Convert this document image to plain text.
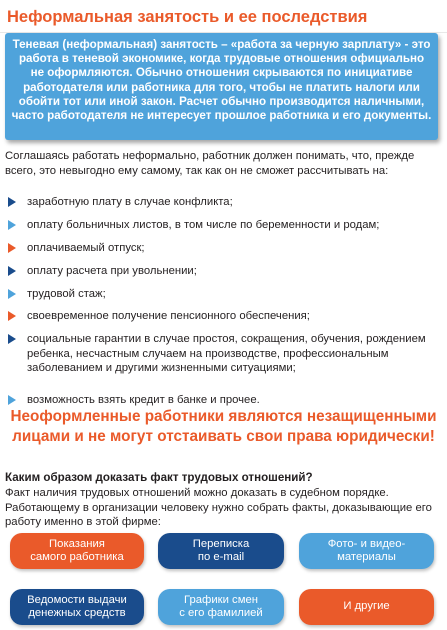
Неформальная занятость и ее последствия
Теневая (неформальная) занятость – «работа за черную зарплату» - это работа в теневой экономике, когда трудовые отношения официально не оформляются. Обычно отношения скрываются по инициативе работодателя или работника для того, чтобы не платить налоги или обойти тот или иной закон. Расчет обычно производится наличными, часто работодателя не интересует прошлое работника и его документы.
Соглашаясь работать неформально, работник должен понимать, что, прежде всего, это невыгодно ему самому, так как он не сможет рассчитывать на:
заработную плату в случае конфликта;
оплату больничных листов, в том числе по беременности и родам;
оплачиваемый отпуск;
оплату расчета при увольнении;
трудовой стаж;
своевременное получение пенсионного обеспечения;
социальные гарантии в случае простоя, сокращения, обучения, рождением ребенка, несчастным случаем на производстве, профессиональным заболеванием и другими жизненными ситуациями;
возможность взять кредит в банке и прочее.
Неоформленные работники являются незащищенными лицами и не могут отстаивать свои права юридически!
Каким образом доказать факт трудовых отношений?
Факт наличия трудовых отношений можно доказать в судебном порядке. Работающему в организации человеку нужно собрать факты, доказывающие его работу именно в этой фирме:
Показания
самого работника
Переписка
по e-mail
Фото- и видео-
материалы
Ведомости выдачи
денежных средств
Графики смен
с его фамилией
И другие
